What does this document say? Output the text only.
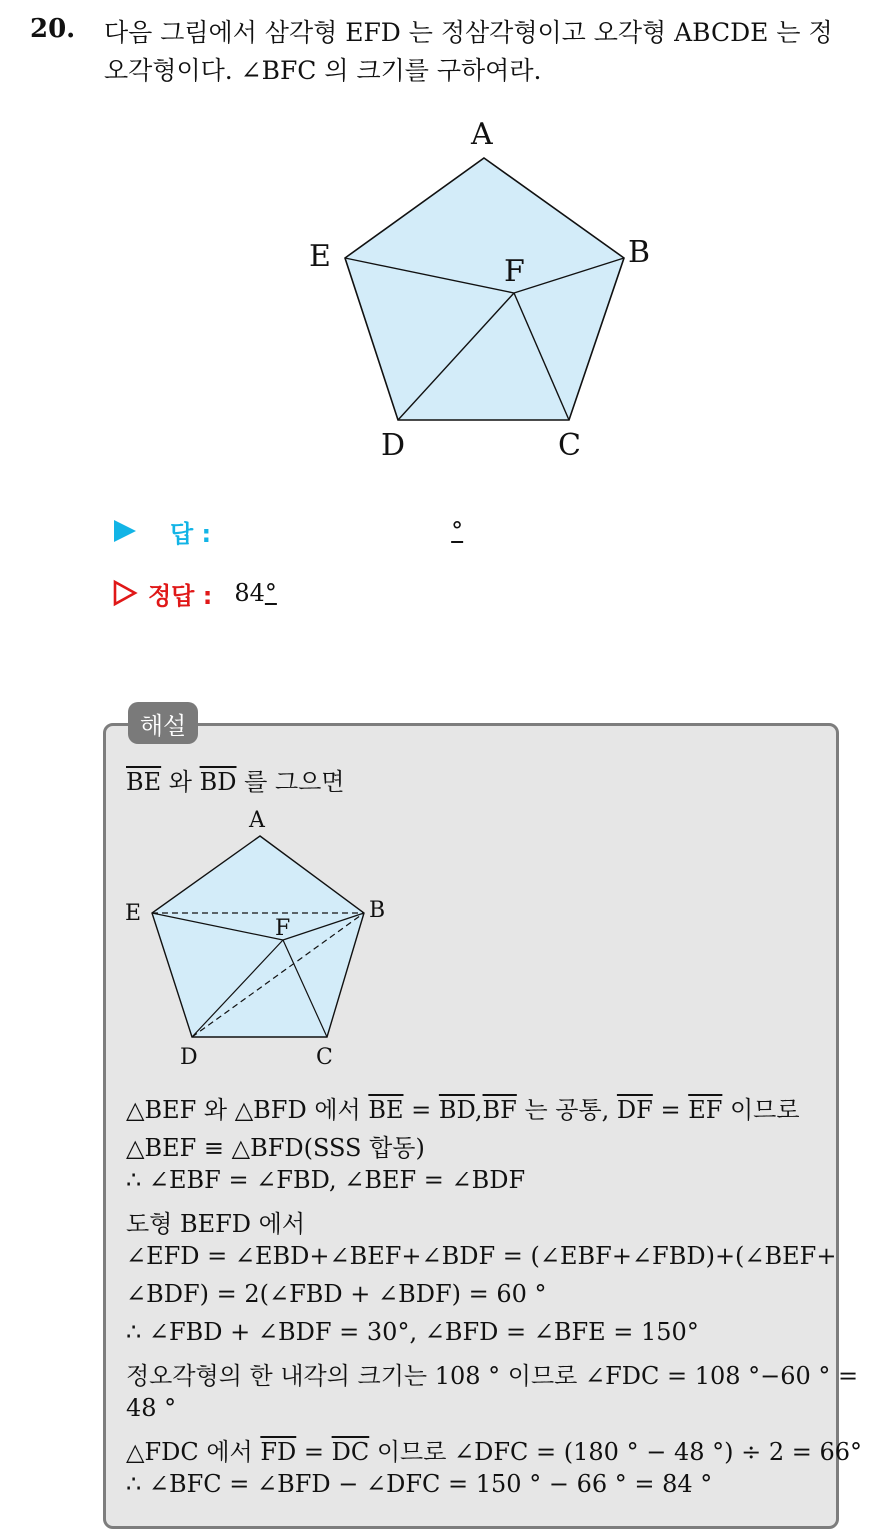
20. 다음 그림에서 삼각형 EFD 는 정삼각형이고 오각형 ABCDE 는 정
오각형이다. ∠BFC 의 크기를 구하여라.
A
B
C
D
E	F
답 :	°
정답 : 84 °
해설
$\overline{BE}$ 와 $\overline{BD}$ 를 그으면
A
B
C
D
E
F
△BEF 와 △BFD 에서 $\overline{BE} = \overline{BD},\overline{BF}$ 는 공통, $\overline{DF} = \overline{EF}$ 이므로
△BEF ≡ △BFD(SSS 합동)
∴ ∠EBF = ∠FBD, ∠BEF = ∠BDF
도형 BEFD 에서
∠EFD = ∠EBD+∠BEF+∠BDF = (∠EBF+∠FBD)+(∠BEF+
∠BDF) = 2(∠FBD + ∠BDF) = 60 °
∴ ∠FBD + ∠BDF = 30°, ∠BFD = ∠BFE = 150°
정오각형의 한 내각의 크기는 108 ° 이므로 ∠FDC = 108 °−60 ° =
48 °
△FDC 에서 $\overline{FD} = \overline{DC}$ 이므로 ∠DFC = (180 ° − 48 °) ÷ 2 = 66°
∴ ∠BFC = ∠BFD − ∠DFC = 150 ° − 66 ° = 84 °
